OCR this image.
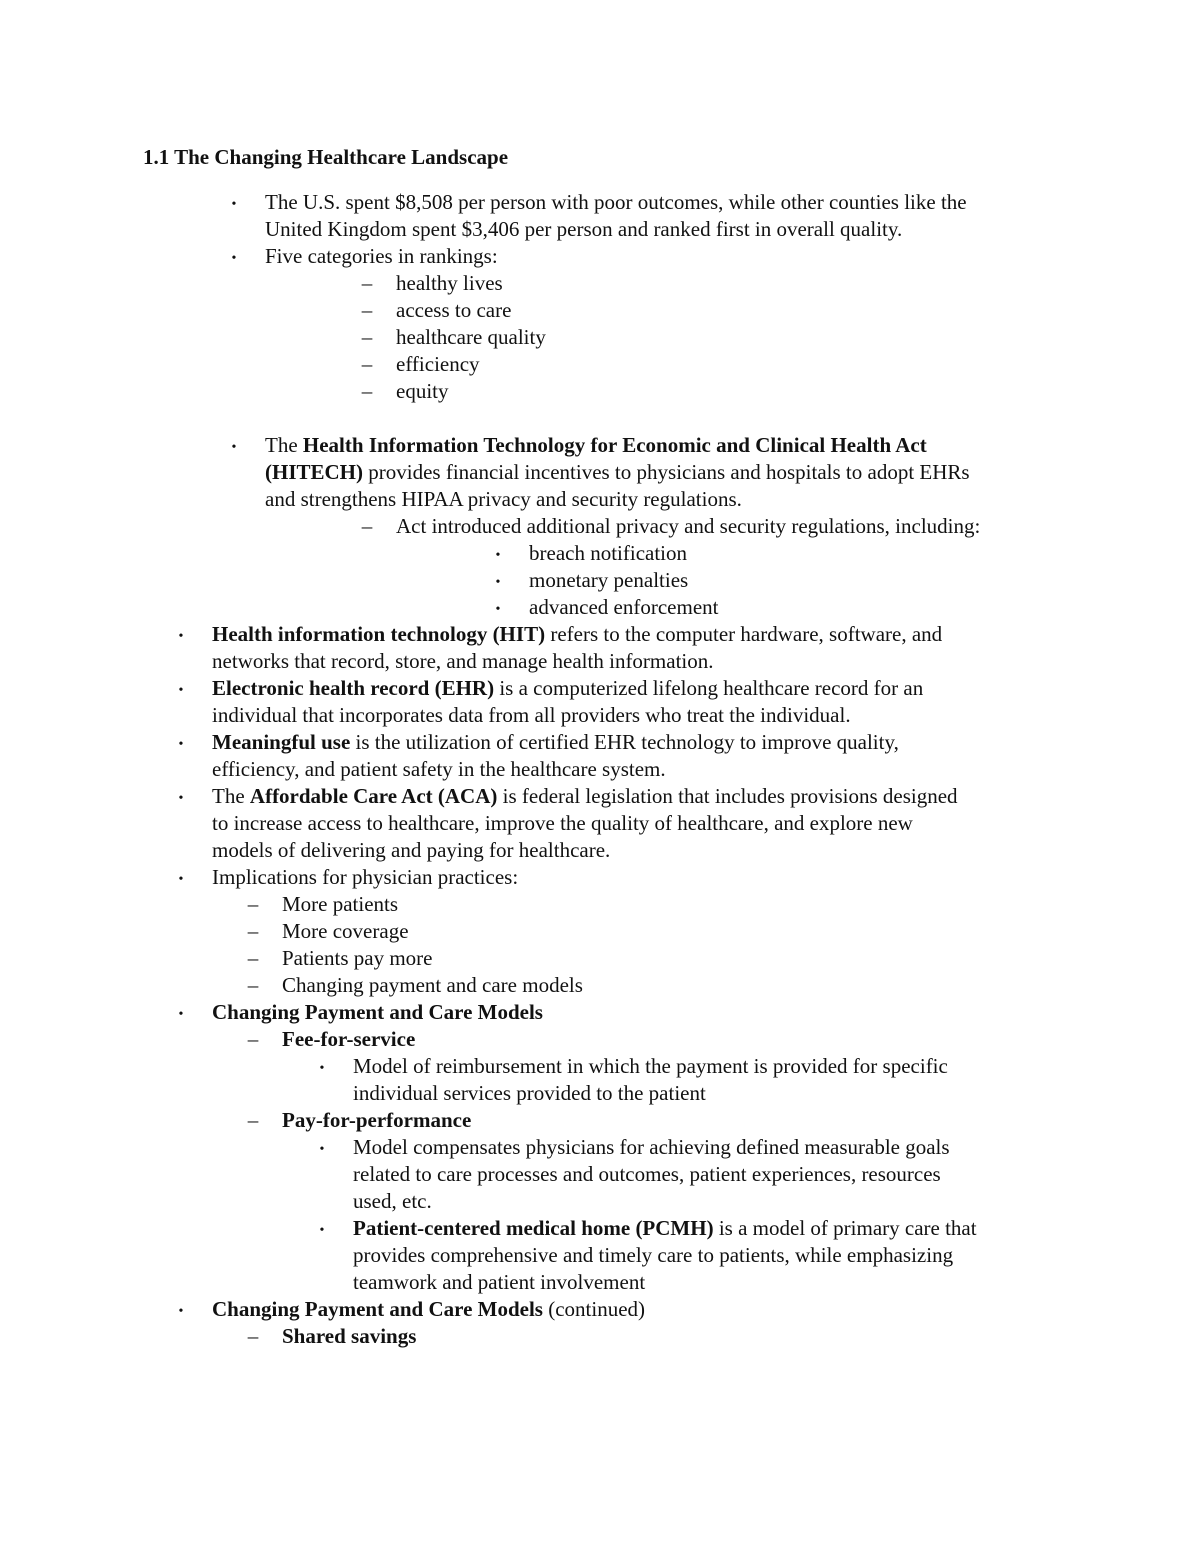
1.1 The Changing Healthcare Landscape
• The U.S. spent $8,508 per person with poor outcomes, while other counties like the
United Kingdom spent $3,406 per person and ranked first in overall quality.
• Five categories in rankings:
– healthy lives
– access to care
– healthcare quality
– efficiency
– equity
• The Health Information Technology for Economic and Clinical Health Act
(HITECH) provides financial incentives to physicians and hospitals to adopt EHRs
and strengthens HIPAA privacy and security regulations.
– Act introduced additional privacy and security regulations, including:
• breach notification
• monetary penalties
• advanced enforcement
• Health information technology (HIT) refers to the computer hardware, software, and
networks that record, store, and manage health information.
• Electronic health record (EHR) is a computerized lifelong healthcare record for an
individual that incorporates data from all providers who treat the individual.
• Meaningful use is the utilization of certified EHR technology to improve quality,
efficiency, and patient safety in the healthcare system.
• The Affordable Care Act (ACA) is federal legislation that includes provisions designed
to increase access to healthcare, improve the quality of healthcare, and explore new
models of delivering and paying for healthcare.
• Implications for physician practices:
– More patients
– More coverage
– Patients pay more
– Changing payment and care models
• Changing Payment and Care Models
– Fee-for-service
• Model of reimbursement in which the payment is provided for specific
individual services provided to the patient
– Pay-for-performance
• Model compensates physicians for achieving defined measurable goals
related to care processes and outcomes, patient experiences, resources
used, etc.
• Patient-centered medical home (PCMH) is a model of primary care that
provides comprehensive and timely care to patients, while emphasizing
teamwork and patient involvement
• Changing Payment and Care Models (continued)
– Shared savings
